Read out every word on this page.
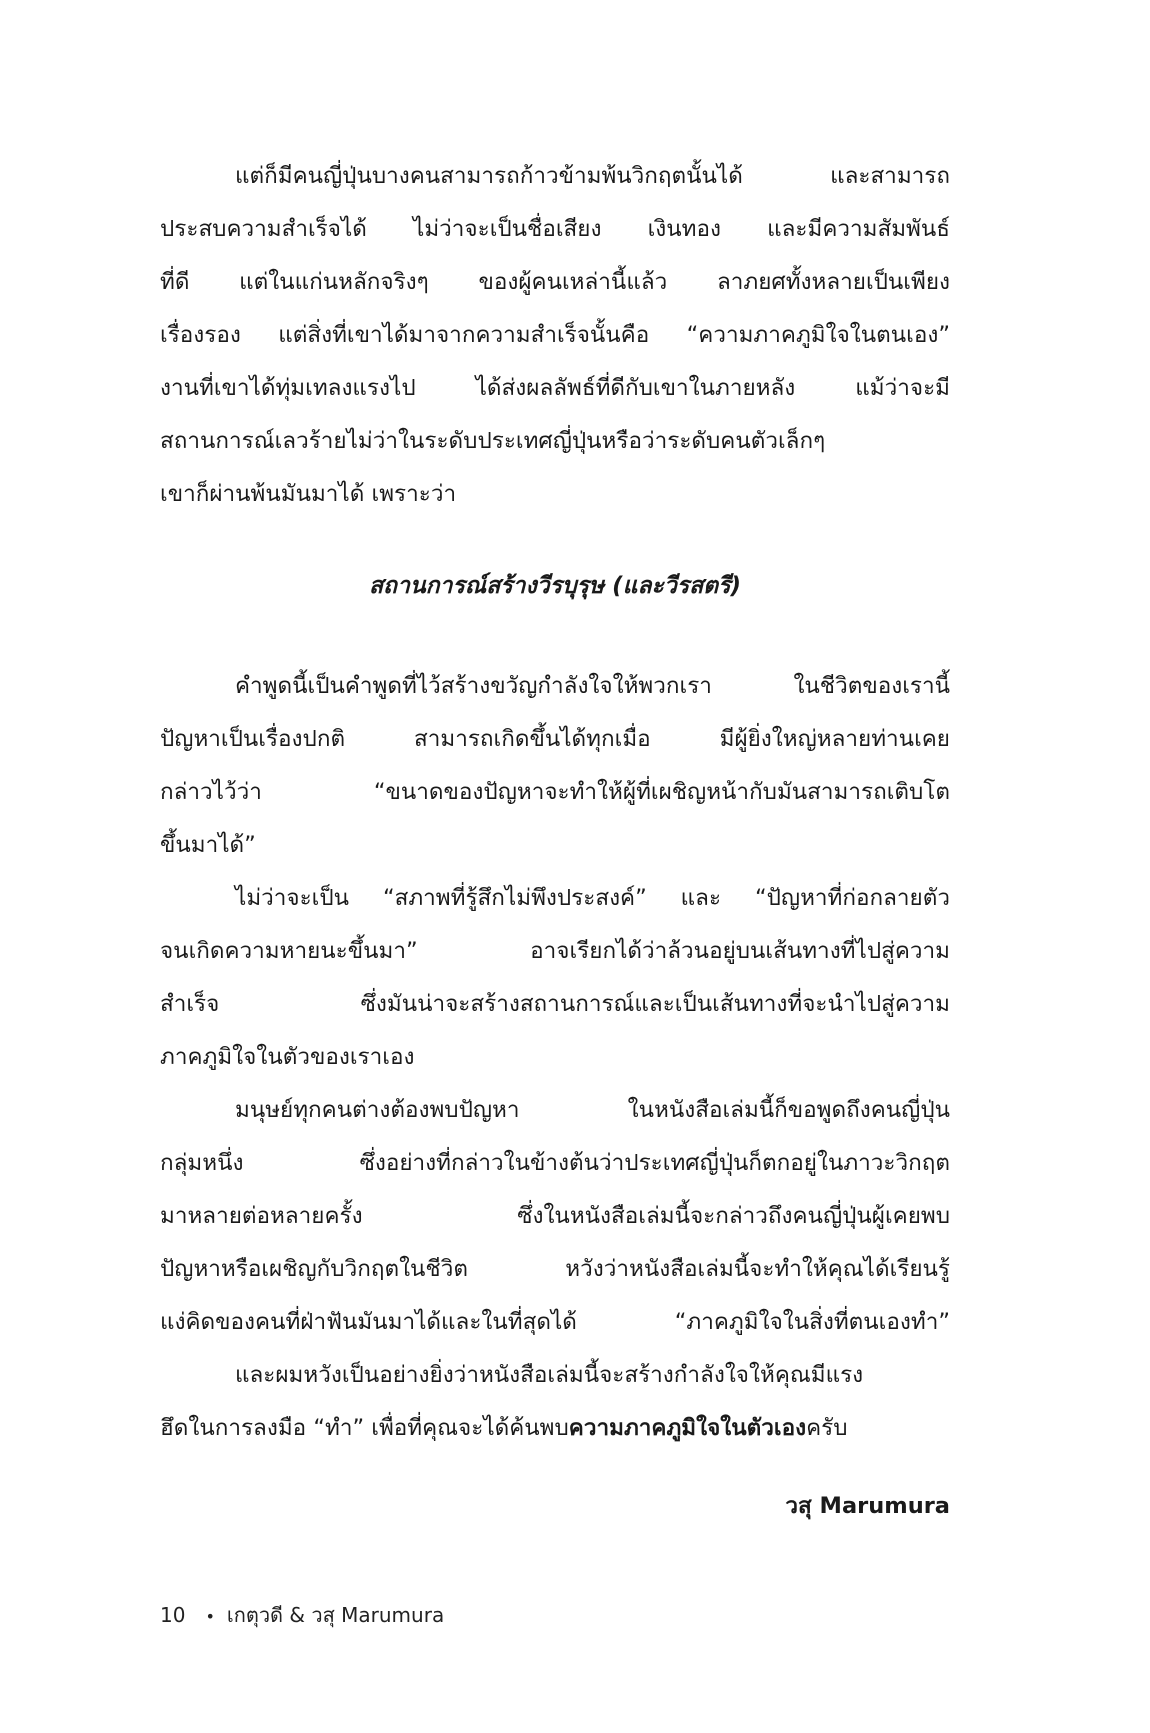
แต่ก็มีคนญี่ปุ่นบางคนสามารถก้าวข้ามพ้นวิกฤตนั้นได้ และสามารถ
ประสบความสำเร็จได้ ไม่ว่าจะเป็นชื่อเสียง เงินทอง และมีความสัมพันธ์
ที่ดี แต่ในแก่นหลักจริงๆ ของผู้คนเหล่านี้แล้ว ลาภยศทั้งหลายเป็นเพียง
เรื่องรอง แต่สิ่งที่เขาได้มาจากความสำเร็จนั้นคือ “ความภาคภูมิใจในตนเอง”
งานที่เขาได้ทุ่มเทลงแรงไป ได้ส่งผลลัพธ์ที่ดีกับเขาในภายหลัง แม้ว่าจะมี
สถานการณ์เลวร้ายไม่ว่าในระดับประเทศญี่ปุ่นหรือว่าระดับคนตัวเล็กๆ
เขาก็ผ่านพ้นมันมาได้ เพราะว่า
สถานการณ์สร้างวีรบุรุษ (และวีรสตรี)
คำพูดนี้เป็นคำพูดที่ไว้สร้างขวัญกำลังใจให้พวกเรา ในชีวิตของเรานี้
ปัญหาเป็นเรื่องปกติ สามารถเกิดขึ้นได้ทุกเมื่อ มีผู้ยิ่งใหญ่หลายท่านเคย
กล่าวไว้ว่า “ขนาดของปัญหาจะทำให้ผู้ที่เผชิญหน้ากับมันสามารถเติบโต
ขึ้นมาได้”
ไม่ว่าจะเป็น “สภาพที่รู้สึกไม่พึงประสงค์” และ “ปัญหาที่ก่อกลายตัว
จนเกิดความหายนะขึ้นมา” อาจเรียกได้ว่าล้วนอยู่บนเส้นทางที่ไปสู่ความ
สำเร็จ ซึ่งมันน่าจะสร้างสถานการณ์และเป็นเส้นทางที่จะนำไปสู่ความ
ภาคภูมิใจในตัวของเราเอง
มนุษย์ทุกคนต่างต้องพบปัญหา ในหนังสือเล่มนี้ก็ขอพูดถึงคนญี่ปุ่น
กลุ่มหนึ่ง ซึ่งอย่างที่กล่าวในข้างต้นว่าประเทศญี่ปุ่นก็ตกอยู่ในภาวะวิกฤต
มาหลายต่อหลายครั้ง ซึ่งในหนังสือเล่มนี้จะกล่าวถึงคนญี่ปุ่นผู้เคยพบ
ปัญหาหรือเผชิญกับวิกฤตในชีวิต หวังว่าหนังสือเล่มนี้จะทำให้คุณได้เรียนรู้
แง่คิดของคนที่ฝ่าฟันมันมาได้และในที่สุดได้ “ภาคภูมิใจในสิ่งที่ตนเองทำ”
และผมหวังเป็นอย่างยิ่งว่าหนังสือเล่มนี้จะสร้างกำลังใจให้คุณมีแรง
ฮึดในการลงมือ “ทำ” เพื่อที่คุณจะได้ค้นพบความภาคภูมิใจในตัวเองครับ
วสุ Marumura
10 • เกตุวดี & วสุ Marumura
